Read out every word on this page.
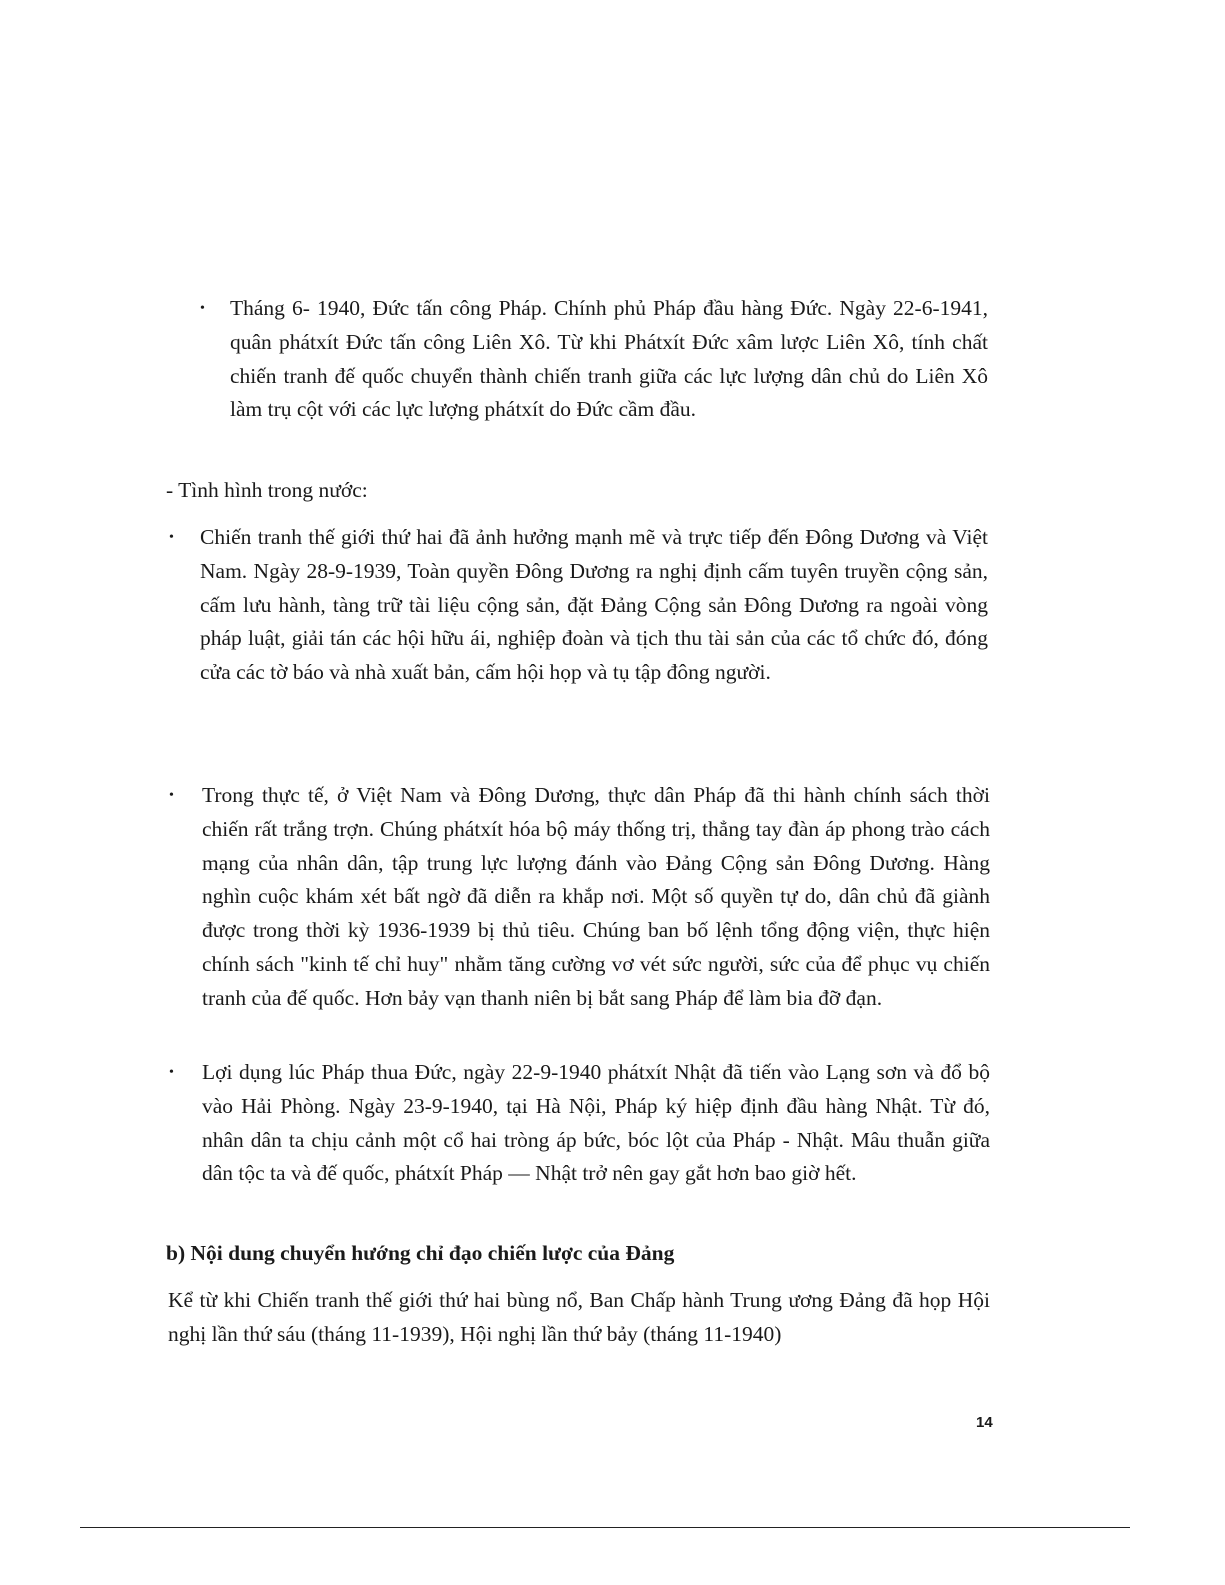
• Tháng 6- 1940, Đức tấn công Pháp. Chính phủ Pháp đầu hàng Đức. Ngày 22-6-1941, quân phátxít Đức tấn công Liên Xô. Từ khi Phátxít Đức xâm lược Liên Xô, tính chất chiến tranh đế quốc chuyển thành chiến tranh giữa các lực lượng dân chủ do Liên Xô làm trụ cột với các lực lượng phátxít do Đức cầm đầu.
- Tình hình trong nước:
• Chiến tranh thế giới thứ hai đã ảnh hưởng mạnh mẽ và trực tiếp đến Đông Dương và Việt Nam. Ngày 28-9-1939, Toàn quyền Đông Dương ra nghị định cấm tuyên truyền cộng sản, cấm lưu hành, tàng trữ tài liệu cộng sản, đặt Đảng Cộng sản Đông Dương ra ngoài vòng pháp luật, giải tán các hội hữu ái, nghiệp đoàn và tịch thu tài sản của các tổ chức đó, đóng cửa các tờ báo và nhà xuất bản, cấm hội họp và tụ tập đông người.
• Trong thực tế, ở Việt Nam và Đông Dương, thực dân Pháp đã thi hành chính sách thời chiến rất trắng trợn. Chúng phátxít hóa bộ máy thống trị, thẳng tay đàn áp phong trào cách mạng của nhân dân, tập trung lực lượng đánh vào Đảng Cộng sản Đông Dương. Hàng nghìn cuộc khám xét bất ngờ đã diễn ra khắp nơi. Một số quyền tự do, dân chủ đã giành được trong thời kỳ 1936-1939 bị thủ tiêu. Chúng ban bố lệnh tổng động viện, thực hiện chính sách "kinh tế chỉ huy" nhằm tăng cường vơ vét sức người, sức của để phục vụ chiến tranh của đế quốc. Hơn bảy vạn thanh niên bị bắt sang Pháp để làm bia đỡ đạn.
• Lợi dụng lúc Pháp thua Đức, ngày 22-9-1940 phátxít Nhật đã tiến vào Lạng sơn và đổ bộ vào Hải Phòng. Ngày 23-9-1940, tại Hà Nội, Pháp ký hiệp định đầu hàng Nhật. Từ đó, nhân dân ta chịu cảnh một cổ hai tròng áp bức, bóc lột của Pháp - Nhật. Mâu thuẫn giữa dân tộc ta và đế quốc, phátxít Pháp — Nhật trở nên gay gắt hơn bao giờ hết.
b) Nội dung chuyển hướng chỉ đạo chiến lược của Đảng
Kể từ khi Chiến tranh thế giới thứ hai bùng nổ, Ban Chấp hành Trung ương Đảng đã họp Hội nghị lần thứ sáu (tháng 11-1939), Hội nghị lần thứ bảy (tháng 11-1940)
14
